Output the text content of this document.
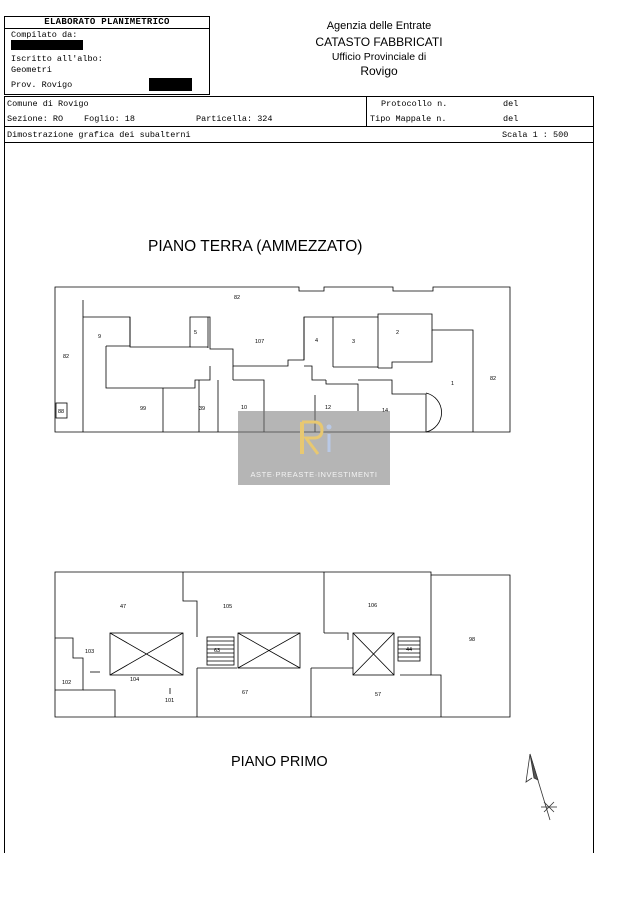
ELABORATO PLANIMETRICO
Compilato da:
Iscritto all'albo:
Geometri
Prov. Rovigo
Agenzia delle Entrate
CATASTO FABBRICATI
Ufficio Provinciale di
Rovigo
Comune di Rovigo
Sezione: RO Foglio: 18	Particella: 324
Protocollo n.	del
Tipo Mappale n.	del
Dimostrazione grafica dei subalterni	Scala 1 : 500
PIANO TERRA (AMMEZZATO)
PIANO PRIMO
82
9
5
107	4	3
2
82
1
82
88	99	39	10	12
47	105	106
98
103	63	44
102	104
101
67	57
ASTE·PREASTE·INVESTIMENTI
